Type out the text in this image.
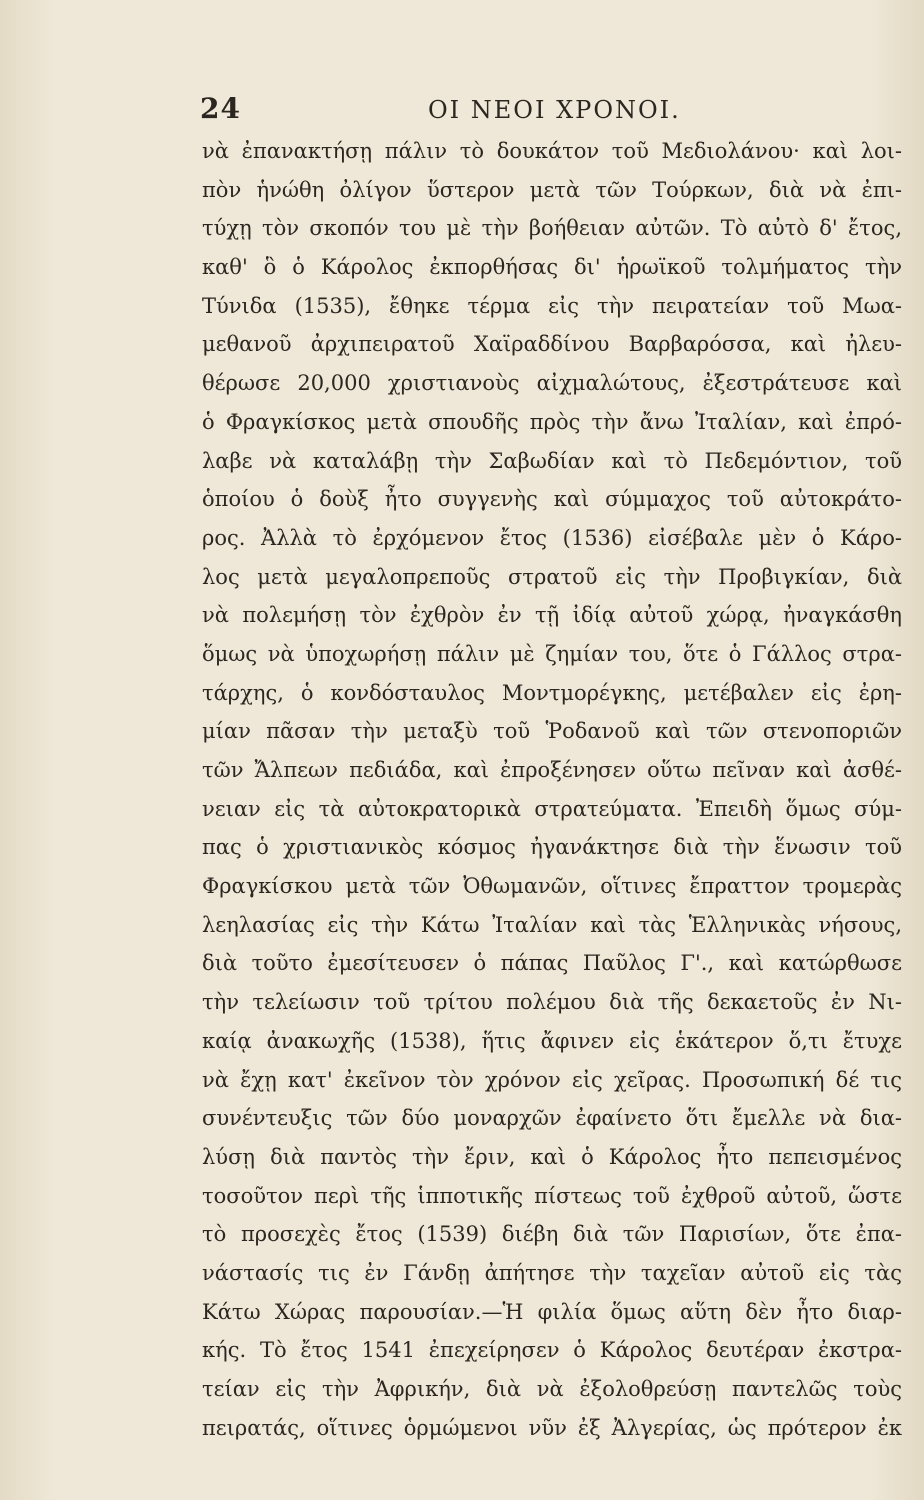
24	ΟΙ ΝΕΟΙ ΧΡΟΝΟΙ.
νὰ ἐπανακτήσῃ πάλιν τὸ δουκάτον τοῦ Μεδιολάνου· καὶ λοι-
πὸν ἡνώθη ὀλίγον ὕστερον μετὰ τῶν Τούρκων, διὰ νὰ ἐπι-
τύχῃ τὸν σκοπόν του μὲ τὴν βοήθειαν αὐτῶν. Τὸ αὐτὸ δ' ἔτος,
καθ' ὃ ὁ Κάρολος ἐκπορθήσας δι' ἡρωϊκοῦ τολμήματος τὴν
Τύνιδα (1535), ἔθηκε τέρμα εἰς τὴν πειρατείαν τοῦ Μωα-
μεθανοῦ ἀρχιπειρατοῦ Χαϊραδδίνου Βαρβαρόσσα, καὶ ἠλευ-
θέρωσε 20,000 χριστιανοὺς αἰχμαλώτους, ἐξεστράτευσε καὶ
ὁ Φραγκίσκος μετὰ σπουδῆς πρὸς τὴν ἄνω Ἰταλίαν, καὶ ἐπρό-
λαβε νὰ καταλάβῃ τὴν Σαβωδίαν καὶ τὸ Πεδεμόντιον, τοῦ
ὁποίου ὁ δοὺξ ἦτο συγγενὴς καὶ σύμμαχος τοῦ αὐτοκράτο-
ρος. Ἀλλὰ τὸ ἐρχόμενον ἔτος (1536) εἰσέβαλε μὲν ὁ Κάρο-
λος μετὰ μεγαλοπρεποῦς στρατοῦ εἰς τὴν Προβιγκίαν, διὰ
νὰ πολεμήσῃ τὸν ἐχθρὸν ἐν τῇ ἰδίᾳ αὐτοῦ χώρᾳ, ἠναγκάσθη
ὅμως νὰ ὑποχωρήσῃ πάλιν μὲ ζημίαν του, ὅτε ὁ Γάλλος στρα-
τάρχης, ὁ κονδόσταυλος Μοντμορέγκης, μετέβαλεν εἰς ἐρη-
μίαν πᾶσαν τὴν μεταξὺ τοῦ Ῥοδανοῦ καὶ τῶν στενοποριῶν
τῶν Ἄλπεων πεδιάδα, καὶ ἐπροξένησεν οὕτω πεῖναν καὶ ἀσθέ-
νειαν εἰς τὰ αὐτοκρατορικὰ στρατεύματα. Ἐπειδὴ ὅμως σύμ-
πας ὁ χριστιανικὸς κόσμος ἠγανάκτησε διὰ τὴν ἕνωσιν τοῦ
Φραγκίσκου μετὰ τῶν Ὀθωμανῶν, οἵτινες ἔπραττον τρομερὰς
λεηλασίας εἰς τὴν Κάτω Ἰταλίαν καὶ τὰς Ἑλληνικὰς νήσους,
διὰ τοῦτο ἐμεσίτευσεν ὁ πάπας Παῦλος Γ'., καὶ κατώρθωσε
τὴν τελείωσιν τοῦ τρίτου πολέμου διὰ τῆς δεκαετοῦς ἐν Νι-
καίᾳ ἀνακωχῆς (1538), ἥτις ἄφινεν εἰς ἑκάτερον ὅ,τι ἔτυχε
νὰ ἔχῃ κατ' ἐκεῖνον τὸν χρόνον εἰς χεῖρας. Προσωπική δέ τις
συνέντευξις τῶν δύο μοναρχῶν ἐφαίνετο ὅτι ἔμελλε νὰ δια-
λύσῃ διὰ παντὸς τὴν ἔριν, καὶ ὁ Κάρολος ἦτο πεπεισμένος
τοσοῦτον περὶ τῆς ἱπποτικῆς πίστεως τοῦ ἐχθροῦ αὐτοῦ, ὥστε
τὸ προσεχὲς ἔτος (1539) διέβη διὰ τῶν Παρισίων, ὅτε ἐπα-
νάστασίς τις ἐν Γάνδῃ ἀπήτησε τὴν ταχεῖαν αὐτοῦ εἰς τὰς
Κάτω Χώρας παρουσίαν.—Ἡ φιλία ὅμως αὕτη δὲν ἦτο διαρ-
κής. Τὸ ἔτος 1541 ἐπεχείρησεν ὁ Κάρολος δευτέραν ἐκστρα-
τείαν εἰς τὴν Ἀφρικήν, διὰ νὰ ἐξολοθρεύσῃ παντελῶς τοὺς
πειρατάς, οἵτινες ὁρμώμενοι νῦν ἐξ Ἀλγερίας, ὡς πρότερον ἐκ
